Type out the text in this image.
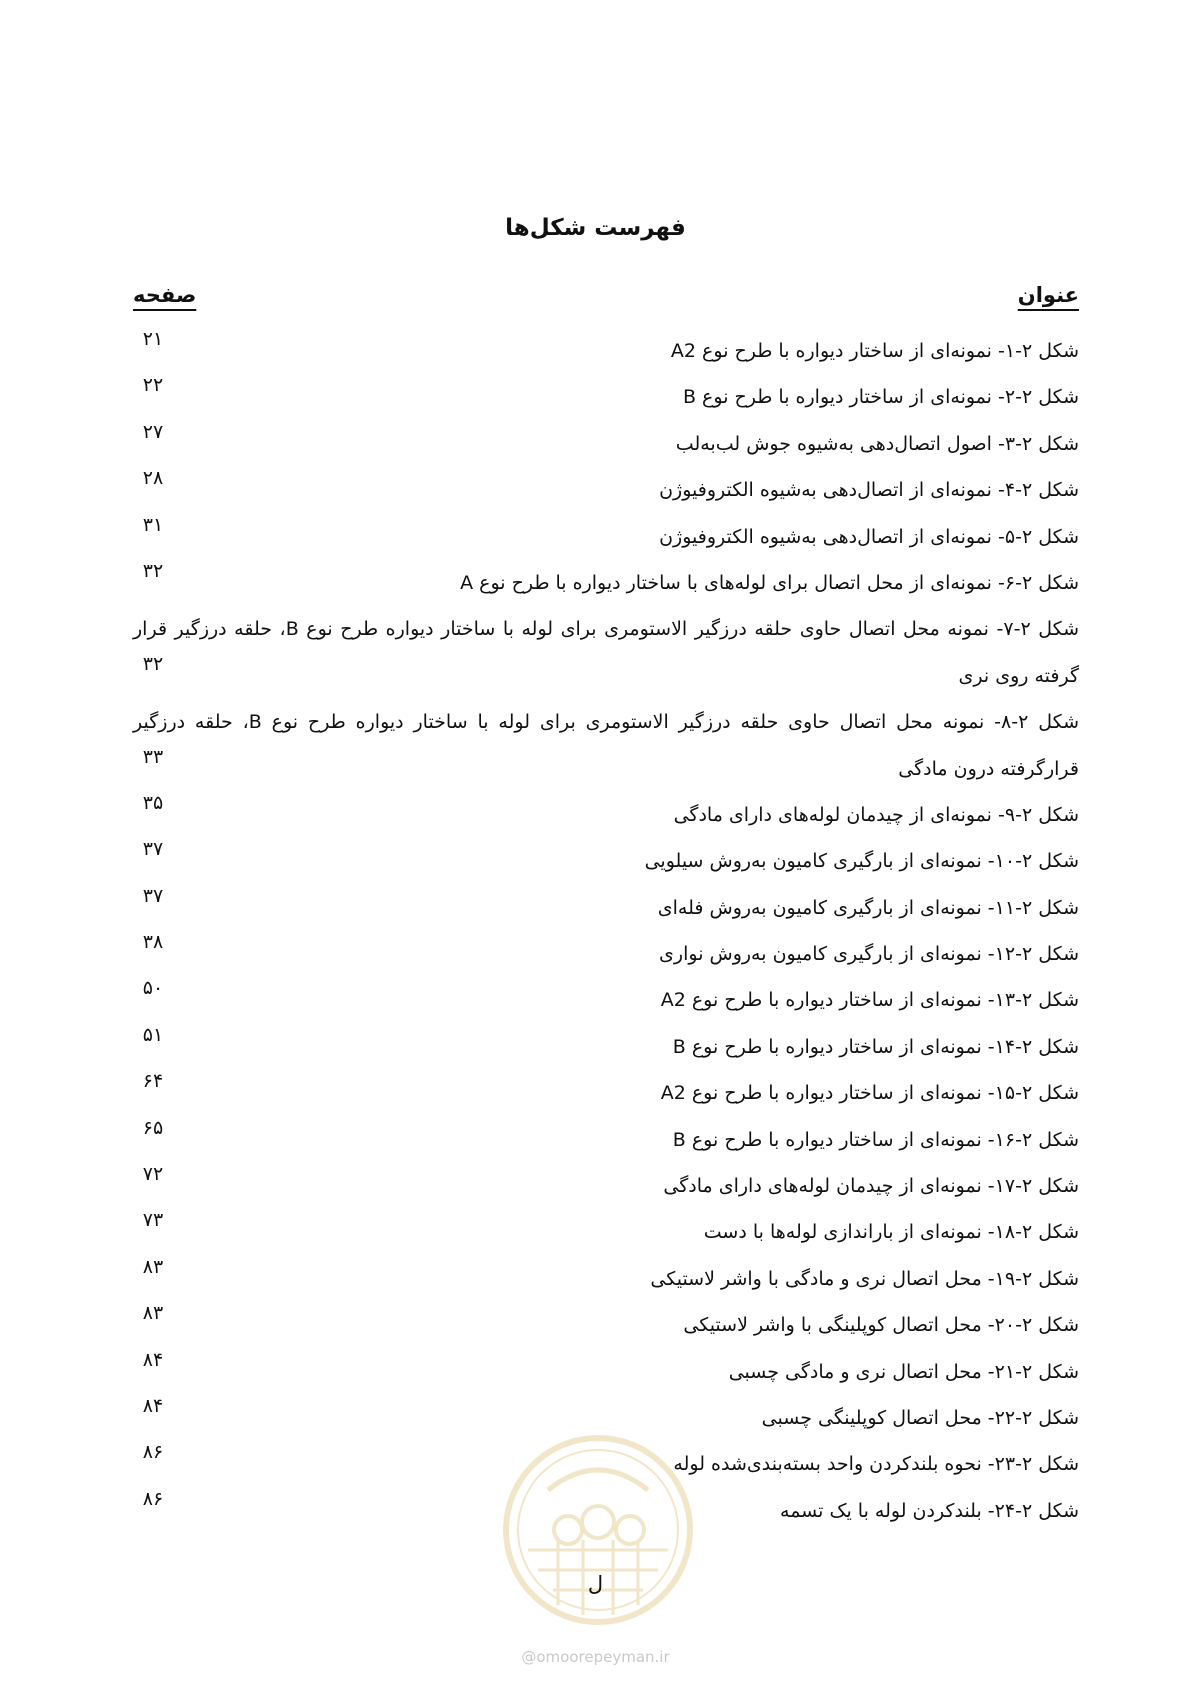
فهرست شکل‌ها
عنوان
صفحه
شکل ۲-۱- نمونه‌ای از ساختار دیواره با طرح نوع A2
۲۱
شکل ۲-۲- نمونه‌ای از ساختار دیواره با طرح نوع B
۲۲
شکل ۲-۳- اصول اتصال‌دهی به‌شیوه جوش لب‌به‌لب
۲۷
شکل ۲-۴- نمونه‌ای از اتصال‌دهی به‌شیوه الکتروفیوژن
۲۸
شکل ۲-۵- نمونه‌ای از اتصال‌دهی به‌شیوه الکتروفیوژن
۳۱
شکل ۲-۶- نمونه‌ای از محل اتصال برای لوله‌های با ساختار دیواره با طرح نوع A
۳۲
شکل ۲-۷- نمونه محل اتصال حاوی حلقه درزگیر الاستومری برای لوله با ساختار دیواره طرح نوع B، حلقه درزگیر قرار
گرفته روی نری
۳۲
شکل ۲-۸- نمونه محل اتصال حاوی حلقه درزگیر الاستومری برای لوله با ساختار دیواره طرح نوع B، حلقه درزگیر
قرارگرفته درون مادگی
۳۳
شکل ۲-۹- نمونه‌ای از چیدمان لوله‌های دارای مادگی
۳۵
شکل ۲-۱۰- نمونه‌ای از بارگیری کامیون به‌روش سیلویی
۳۷
شکل ۲-۱۱- نمونه‌ای از بارگیری کامیون به‌روش فله‌ای
۳۷
شکل ۲-۱۲- نمونه‌ای از بارگیری کامیون به‌روش نواری
۳۸
شکل ۲-۱۳- نمونه‌ای از ساختار دیواره با طرح نوع A2
۵۰
شکل ۲-۱۴- نمونه‌ای از ساختار دیواره با طرح نوع B
۵۱
شکل ۲-۱۵- نمونه‌ای از ساختار دیواره با طرح نوع A2
۶۴
شکل ۲-۱۶- نمونه‌ای از ساختار دیواره با طرح نوع B
۶۵
شکل ۲-۱۷- نمونه‌ای از چیدمان لوله‌های دارای مادگی
۷۲
شکل ۲-۱۸- نمونه‌ای از باراندازی لوله‌ها با دست
۷۳
شکل ۲-۱۹- محل اتصال نری و مادگی با واشر لاستیکی
۸۳
شکل ۲-۲۰- محل اتصال کوپلینگی با واشر لاستیکی
۸۳
شکل ۲-۲۱- محل اتصال نری و مادگی چسبی
۸۴
شکل ۲-۲۲- محل اتصال کوپلینگی چسبی
۸۴
شکل ۲-۲۳- نحوه بلندکردن واحد بسته‌بندی‌شده لوله
۸۶
شکل ۲-۲۴- بلندکردن لوله با یک تسمه
۸۶
ل
@omoorepeyman.ir
